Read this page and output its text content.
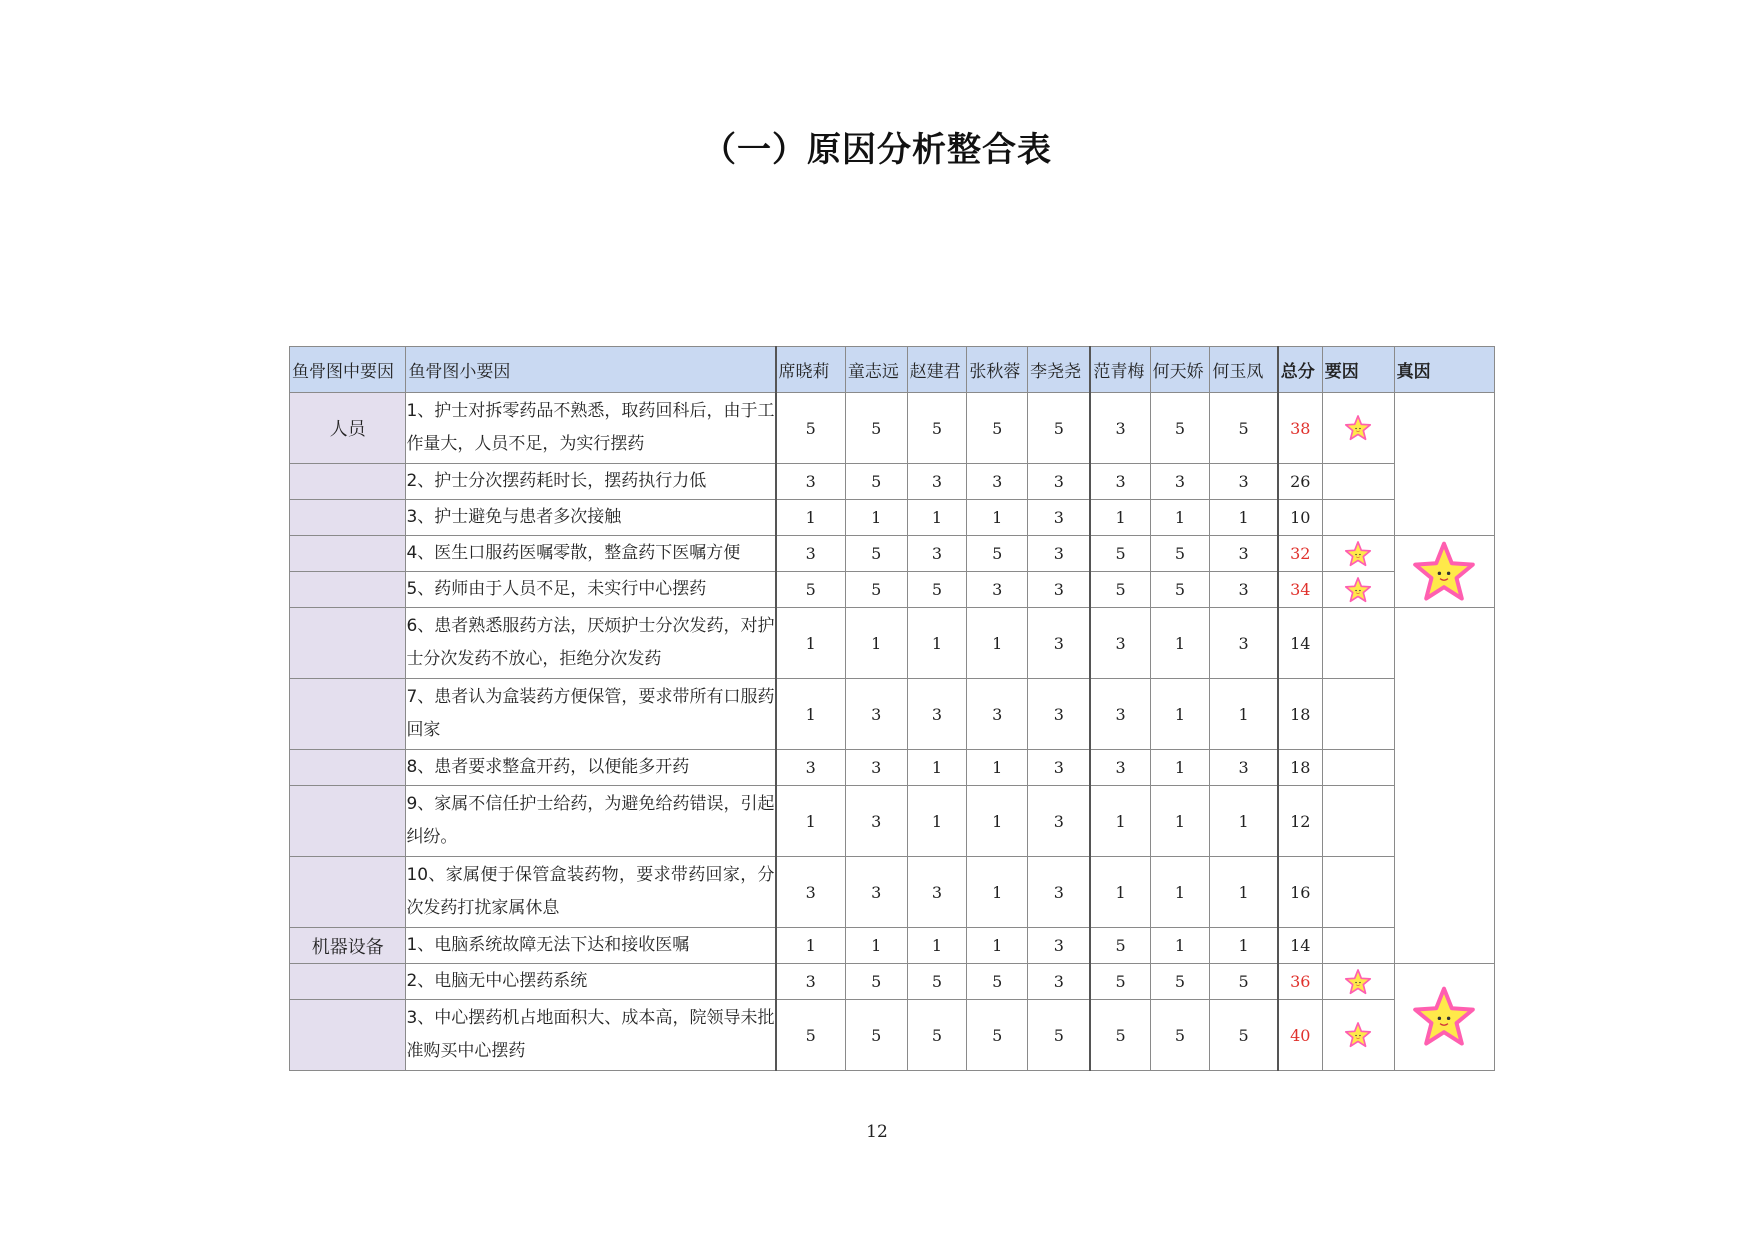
（一）原因分析整合表
鱼骨图中要因	鱼骨图小要因	席晓莉	童志远	赵建君	张秋蓉	李尧尧	范青梅	何天娇	何玉凤	总分	要因	真因
人员	1、护士对拆零药品不熟悉，取药回科后，由于工作量大，人员不足，为实行摆药	5	5	5	5	5	3	5	5	38		
	2、护士分次摆药耗时长，摆药执行力低	3	5	3	3	3	3	3	3	26		
	3、护士避免与患者多次接触	1	1	1	1	3	1	1	1	10		
	4、医生口服药医嘱零散，整盒药下医嘱方便	3	5	3	5	3	5	5	3	32		
	5、药师由于人员不足，未实行中心摆药	5	5	5	3	3	5	5	3	34	
	6、患者熟悉服药方法，厌烦护士分次发药，对护士分次发药不放心，拒绝分次发药	1	1	1	1	3	3	1	3	14		
	7、患者认为盒装药方便保管，要求带所有口服药回家	1	3	3	3	3	3	1	1	18		
	8、患者要求整盒开药，以便能多开药	3	3	1	1	3	3	1	3	18		
	9、家属不信任护士给药，为避免给药错误，引起纠纷。	1	3	1	1	3	1	1	1	12		
	10、家属便于保管盒装药物，要求带药回家，分次发药打扰家属休息	3	3	3	1	3	1	1	1	16		
机器设备	1、电脑系统故障无法下达和接收医嘱	1	1	1	1	3	5	1	1	14		
	2、电脑无中心摆药系统	3	5	5	5	3	5	5	5	36		
	3、中心摆药机占地面积大、成本高，院领导未批准购买中心摆药	5	5	5	5	5	5	5	5	40	
12
